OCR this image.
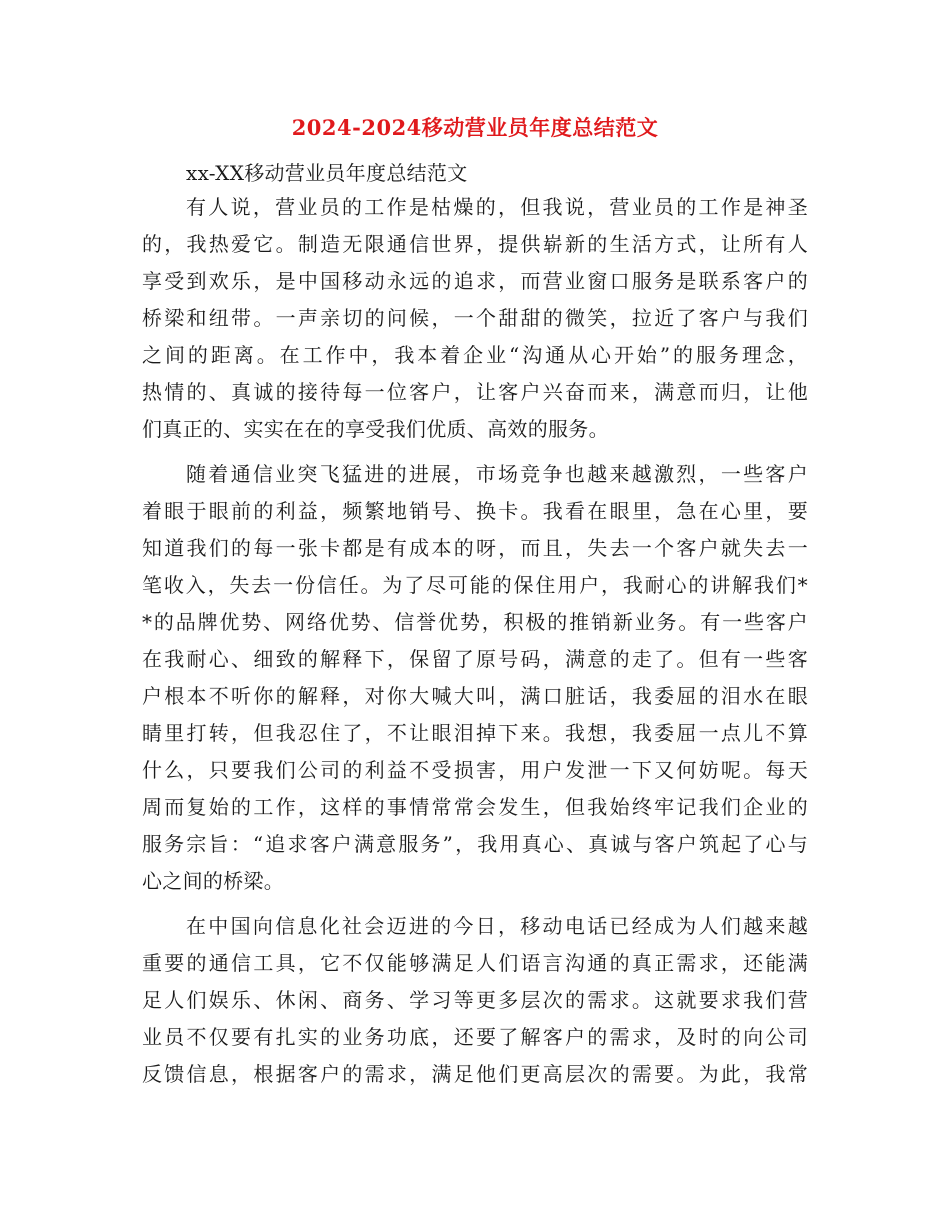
2024-2024移动营业员年度总结范文

xx-XX移动营业员年度总结范文

有人说，营业员的工作是枯燥的，但我说，营业员的工作是神圣
的，我热爱它。制造无限通信世界，提供崭新的生活方式，让所有人
享受到欢乐，是中国移动永远的追求，而营业窗口服务是联系客户的
桥梁和纽带。一声亲切的问候，一个甜甜的微笑，拉近了客户与我们
之间的距离。在工作中，我本着企业“沟通从心开始”的服务理念，
热情的、真诚的接待每一位客户，让客户兴奋而来，满意而归，让他
们真正的、实实在在的享受我们优质、高效的服务。
随着通信业突飞猛进的进展，市场竞争也越来越激烈，一些客户
着眼于眼前的利益，频繁地销号、换卡。我看在眼里，急在心里，要
知道我们的每一张卡都是有成本的呀，而且，失去一个客户就失去一
笔收入，失去一份信任。为了尽可能的保住用户，我耐心的讲解我们*
*的品牌优势、网络优势、信誉优势，积极的推销新业务。有一些客户
在我耐心、细致的解释下，保留了原号码，满意的走了。但有一些客
户根本不听你的解释，对你大喊大叫，满口脏话，我委屈的泪水在眼
睛里打转，但我忍住了，不让眼泪掉下来。我想，我委屈一点儿不算
什么，只要我们公司的利益不受损害，用户发泄一下又何妨呢。每天
周而复始的工作，这样的事情常常会发生，但我始终牢记我们企业的
服务宗旨：“追求客户满意服务”，我用真心、真诚与客户筑起了心与
心之间的桥梁。
在中国向信息化社会迈进的今日，移动电话已经成为人们越来越
重要的通信工具，它不仅能够满足人们语言沟通的真正需求，还能满
足人们娱乐、休闲、商务、学习等更多层次的需求。这就要求我们营
业员不仅要有扎实的业务功底，还要了解客户的需求，及时的向公司
反馈信息，根据客户的需求，满足他们更高层次的需要。为此，我常
